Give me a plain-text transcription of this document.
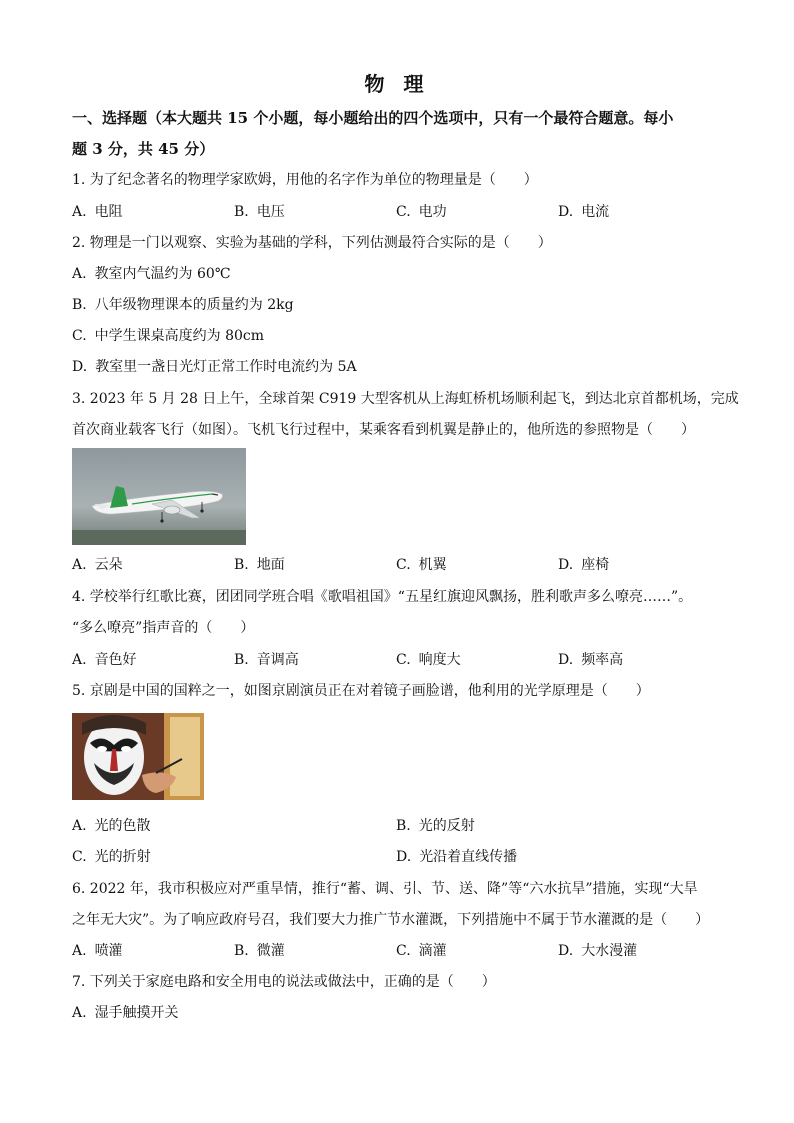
物 理
一、选择题（本大题共 15 个小题，每小题给出的四个选项中，只有一个最符合题意。每小
题 3 分，共 45 分）
1. 为了纪念著名的物理学家欧姆，用他的名字作为单位的物理量是（　　）
A. 电阻	B. 电压	C. 电功	D. 电流
2. 物理是一门以观察、实验为基础的学科，下列估测最符合实际的是（　　）
A. 教室内气温约为 60℃
B. 八年级物理课本的质量约为 2kg
C. 中学生课桌高度约为 80cm
D. 教室里一盏日光灯正常工作时电流约为 5A
3. 2023 年 5 月 28 日上午，全球首架 C919 大型客机从上海虹桥机场顺利起飞，到达北京首都机场，完成
首次商业载客飞行（如图）。飞机飞行过程中，某乘客看到机翼是静止的，他所选的参照物是（　　）
A. 云朵	B. 地面	C. 机翼	D. 座椅
4. 学校举行红歌比赛，团团同学班合唱《歌唱祖国》“五星红旗迎风飘扬，胜利歌声多么嘹亮……”。
“多么嘹亮”指声音的（　　）
A. 音色好	B. 音调高	C. 响度大	D. 频率高
5. 京剧是中国的国粹之一，如图京剧演员正在对着镜子画脸谱，他利用的光学原理是（　　）
A. 光的色散	B. 光的反射
C. 光的折射	D. 光沿着直线传播
6. 2022 年，我市积极应对严重旱情，推行“蓄、调、引、节、送、降”等“六水抗旱”措施，实现“大旱
之年无大灾”。为了响应政府号召，我们要大力推广节水灌溉，下列措施中不属于节水灌溉的是（　　）
A. 喷灌	B. 微灌	C. 滴灌	D. 大水漫灌
7. 下列关于家庭电路和安全用电的说法或做法中，正确的是（　　）
A. 湿手触摸开关
